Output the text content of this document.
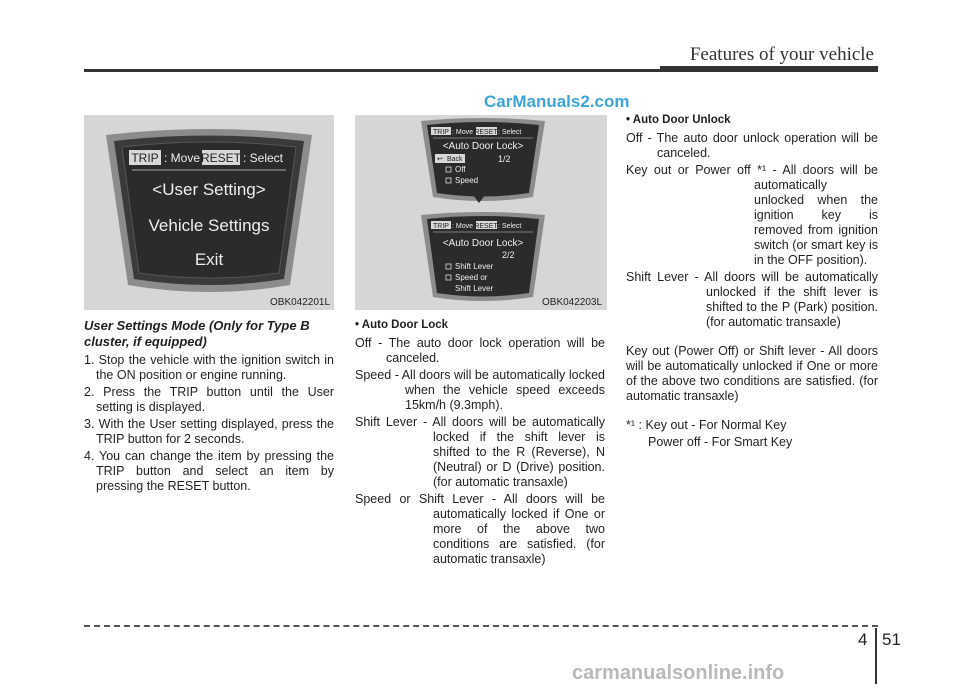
Features of your vehicle
CarManuals2.com
TRIP : Move RESET : Select
<User Setting>
Vehicle Settings
Exit
OBK042201L
TRIP : Move RESET : Select
<Auto Door Lock>
↩ Back	1/2
Off
Speed
TRIP : Move RESET : Select
<Auto Door Lock>
2/2
Shift Lever
Speed or
Shift Lever
OBK042203L

User Settings Mode (Only for Type B cluster, if equipped)

1. Stop the vehicle with the ignition switch in the ON position or engine running.

2. Press the TRIP button until the User setting is displayed.

3. With the User setting displayed, press the TRIP button for 2 seconds.

4. You can change the item by pressing the TRIP button and select an item by pressing the RESET button.

• Auto Door Lock

Off - The auto door lock operation will be canceled.

Speed - All doors will be automatically locked when the vehicle speed exceeds 15km/h (9.3mph).

Shift Lever - All doors will be automatically locked if the shift lever is shifted to the R (Reverse), N (Neutral) or D (Drive) position. (for automatic transaxle)

Speed or Shift Lever - All doors will be automatically locked if One or more of the above two conditions are satisfied. (for automatic transaxle)

• Auto Door Unlock

Off - The auto door unlock operation will be canceled.

Key out or Power off *¹ - All doors will be automatically unlocked when the ignition key is removed from ignition switch (or smart key is in the OFF position).

Shift Lever - All doors will be automatically unlocked if the shift lever is shifted to the P (Park) position. (for automatic transaxle)

Key out (Power Off) or Shift lever - All doors will be automatically unlocked if One or more of the above two conditions are satisfied. (for automatic transaxle)

*¹ : Key out - For Normal Key

Power off - For Smart Key

4 51
carmanualsonline.info
